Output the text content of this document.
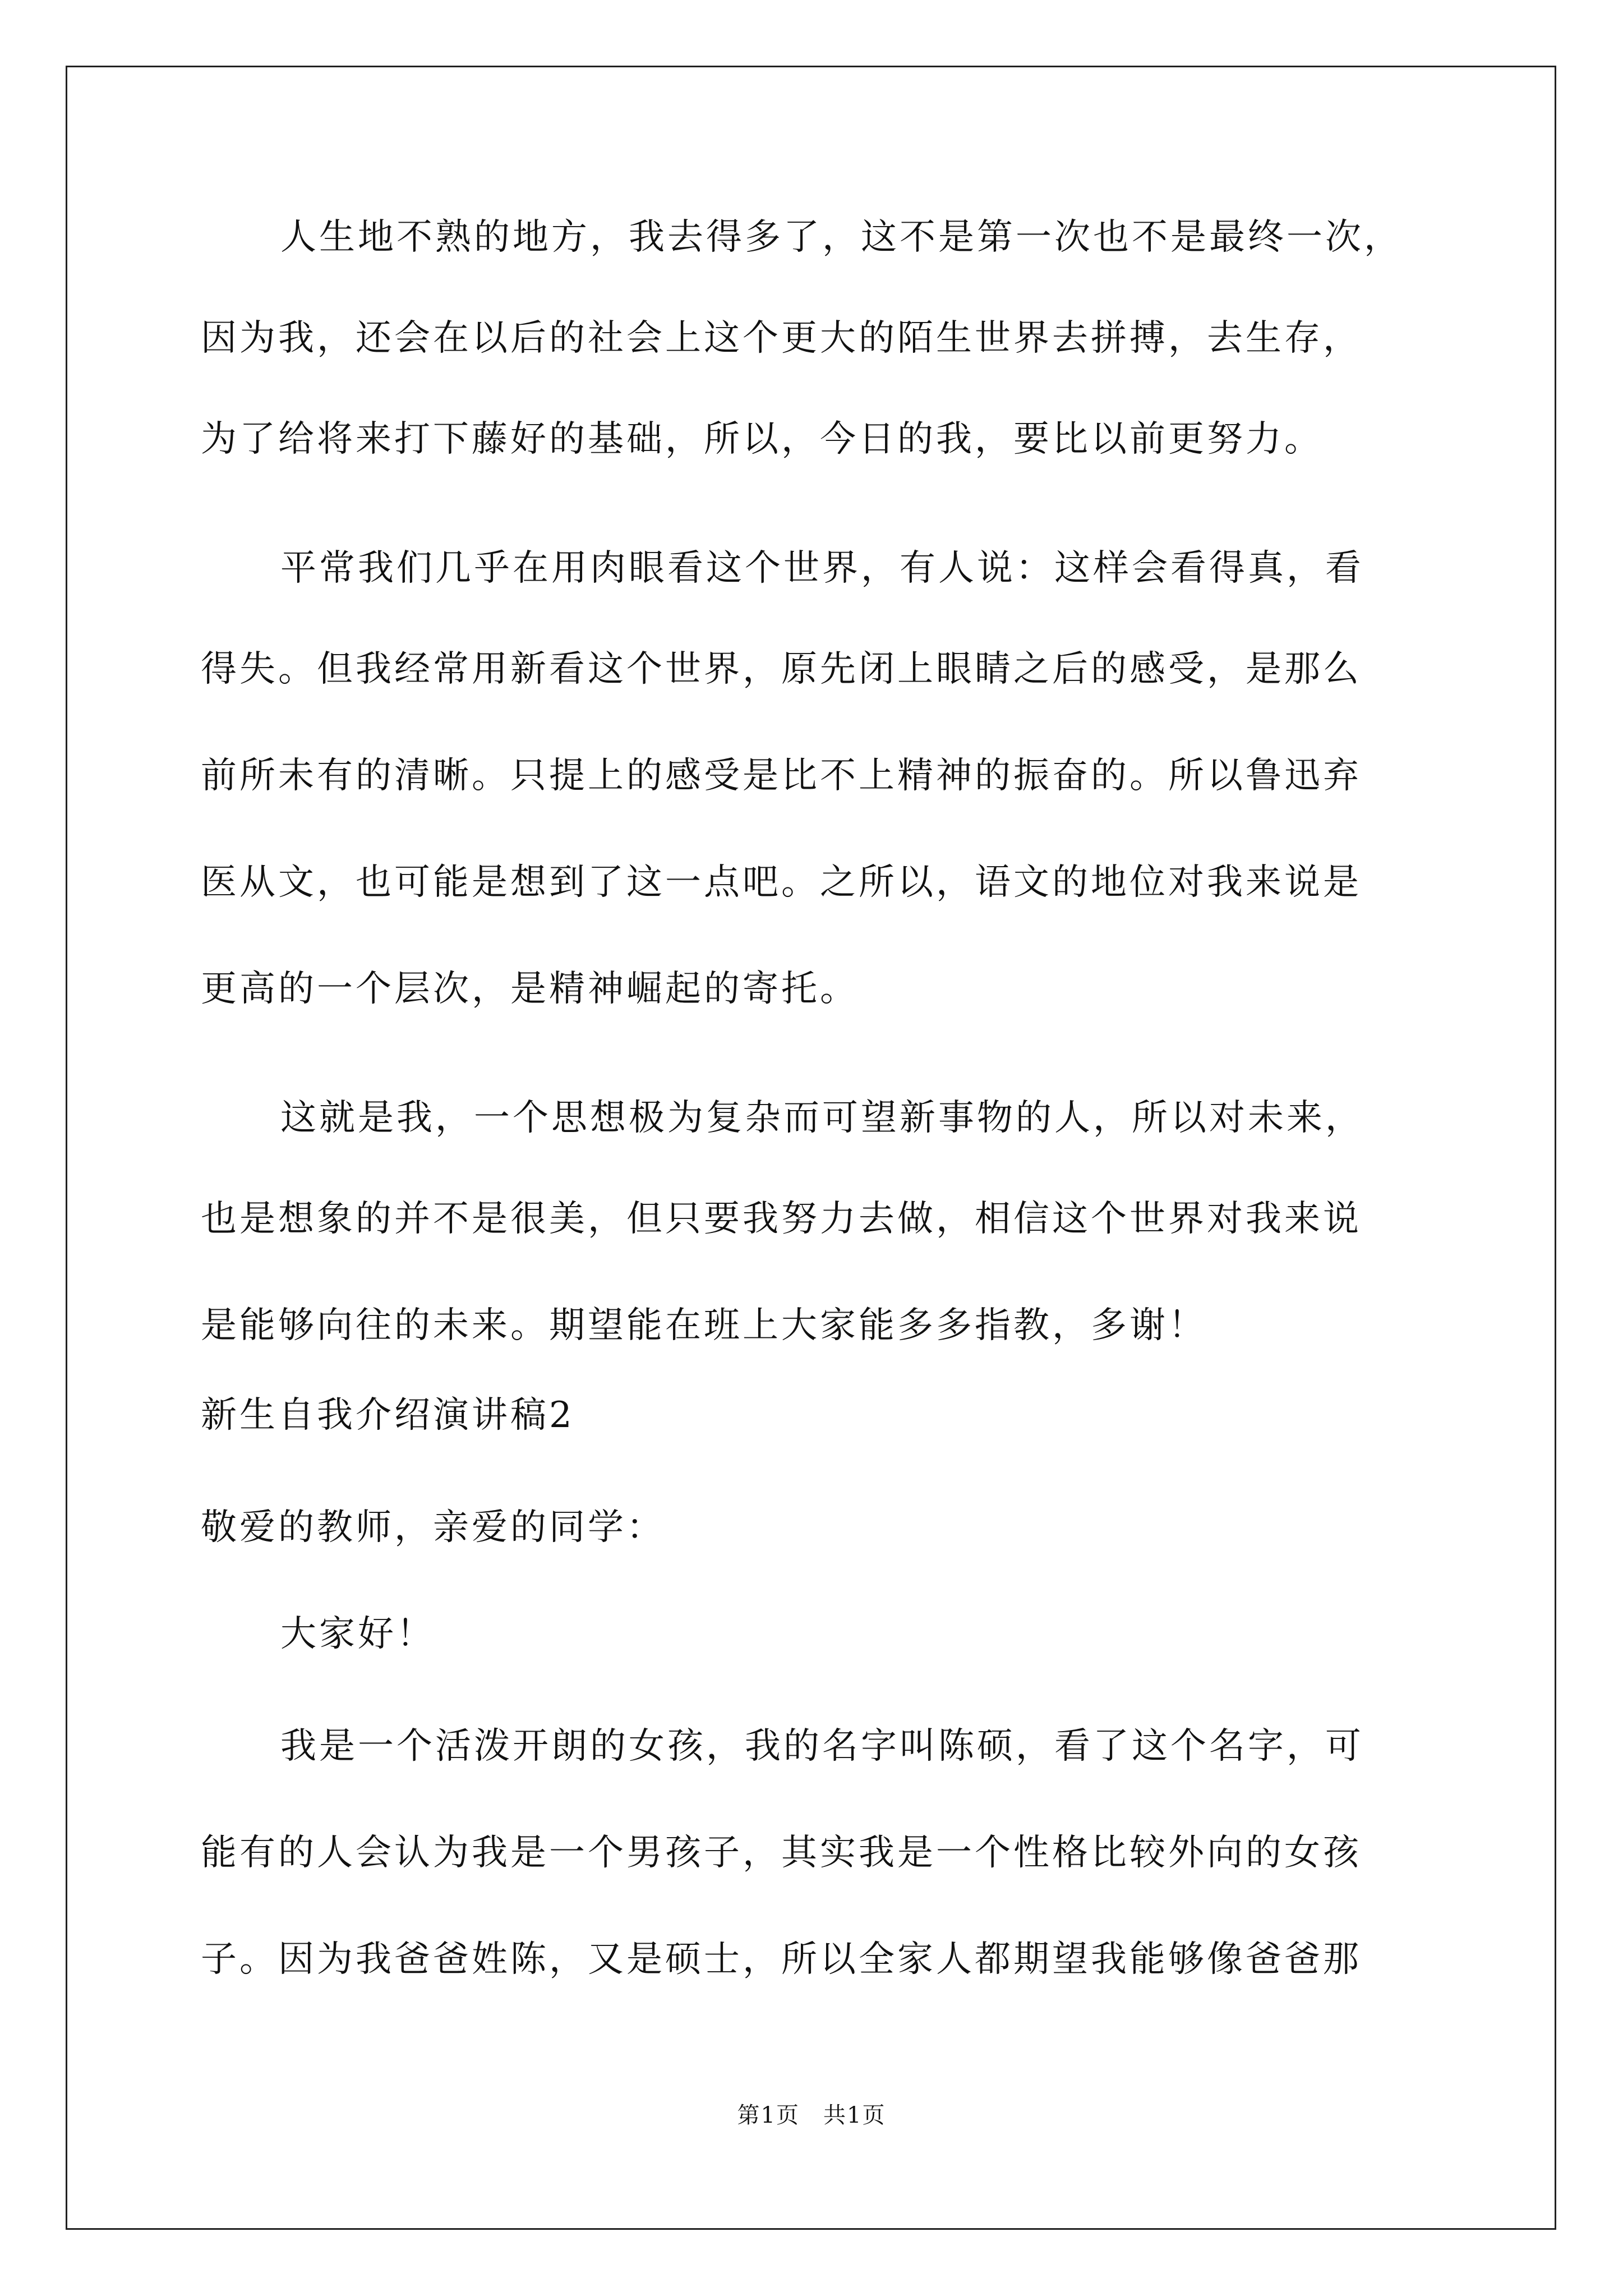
人生地不熟的地方，我去得多了，这不是第一次也不是最终一次，
因为我，还会在以后的社会上这个更大的陌生世界去拼搏，去生存，
为了给将来打下藤好的基础，所以，今日的我，要比以前更努力。
平常我们几乎在用肉眼看这个世界，有人说：这样会看得真，看
得失。但我经常用新看这个世界，原先闭上眼睛之后的感受，是那么
前所未有的清晰。只提上的感受是比不上精神的振奋的。所以鲁迅弃
医从文，也可能是想到了这一点吧。之所以，语文的地位对我来说是
更高的一个层次，是精神崛起的寄托。
这就是我，一个思想极为复杂而可望新事物的人，所以对未来，
也是想象的并不是很美，但只要我努力去做，相信这个世界对我来说
是能够向往的未来。期望能在班上大家能多多指教，多谢！
新生自我介绍演讲稿2
敬爱的教师，亲爱的同学：
大家好！
我是一个活泼开朗的女孩，我的名字叫陈硕，看了这个名字，可
能有的人会认为我是一个男孩子，其实我是一个性格比较外向的女孩
子。因为我爸爸姓陈，又是硕士，所以全家人都期望我能够像爸爸那
第1页　共1页
